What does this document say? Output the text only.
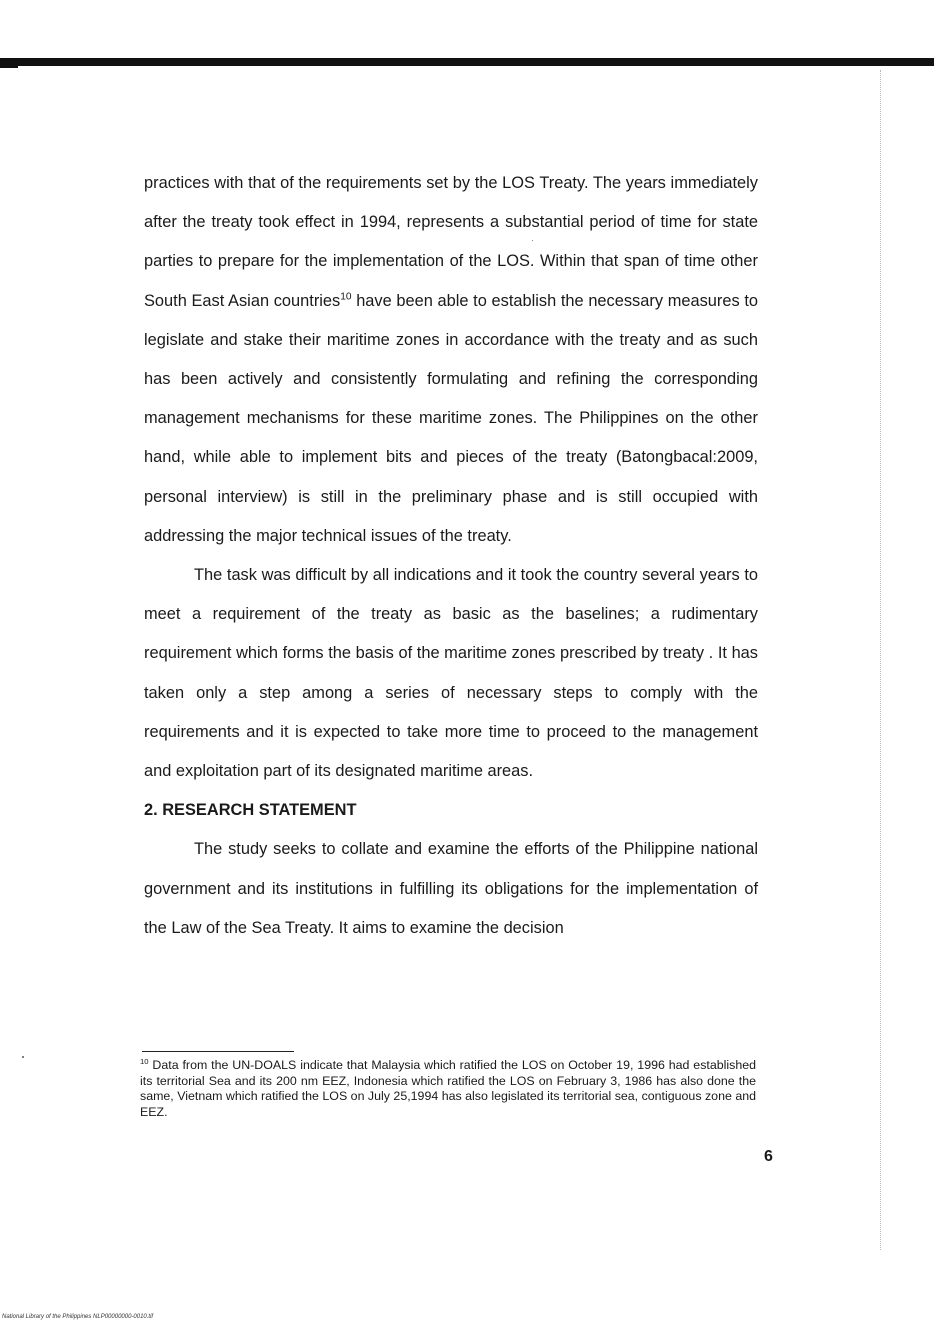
practices with that of the requirements set by the LOS Treaty. The years immediately after the treaty took effect in 1994, represents a substantial period of time for state parties to prepare for the implementation of the LOS. Within that span of time other South East Asian countries$^{10}$ have been able to establish the necessary measures to legislate and stake their maritime zones in accordance with the treaty and as such has been actively and consistently formulating and refining the corresponding management mechanisms for these maritime zones. The Philippines on the other hand, while able to implement bits and pieces of the treaty (Batongbacal:2009, personal interview) is still in the preliminary phase and is still occupied with addressing the major technical issues of the treaty.

The task was difficult by all indications and it took the country several years to meet a requirement of the treaty as basic as the baselines; a rudimentary requirement which forms the basis of the maritime zones prescribed by treaty . It has taken only a step among a series of necessary steps to comply with the requirements and it is expected to take more time to proceed to the management and exploitation part of its designated maritime areas.

2. RESEARCH STATEMENT

The study seeks to collate and examine the efforts of the Philippine national government and its institutions in fulfilling its obligations for the implementation of the Law of the Sea Treaty. It aims to examine the decision

$^{10}$ Data from the UN-DOALS indicate that Malaysia which ratified the LOS on October 19, 1996 had established its territorial Sea and its 200 nm EEZ, Indonesia which ratified the LOS on February 3, 1986 has also done the same, Vietnam which ratified the LOS on July 25,1994 has also legislated its territorial sea, contiguous zone and EEZ.
6
National Library of the Philippines NLP00000000-0010.tif
